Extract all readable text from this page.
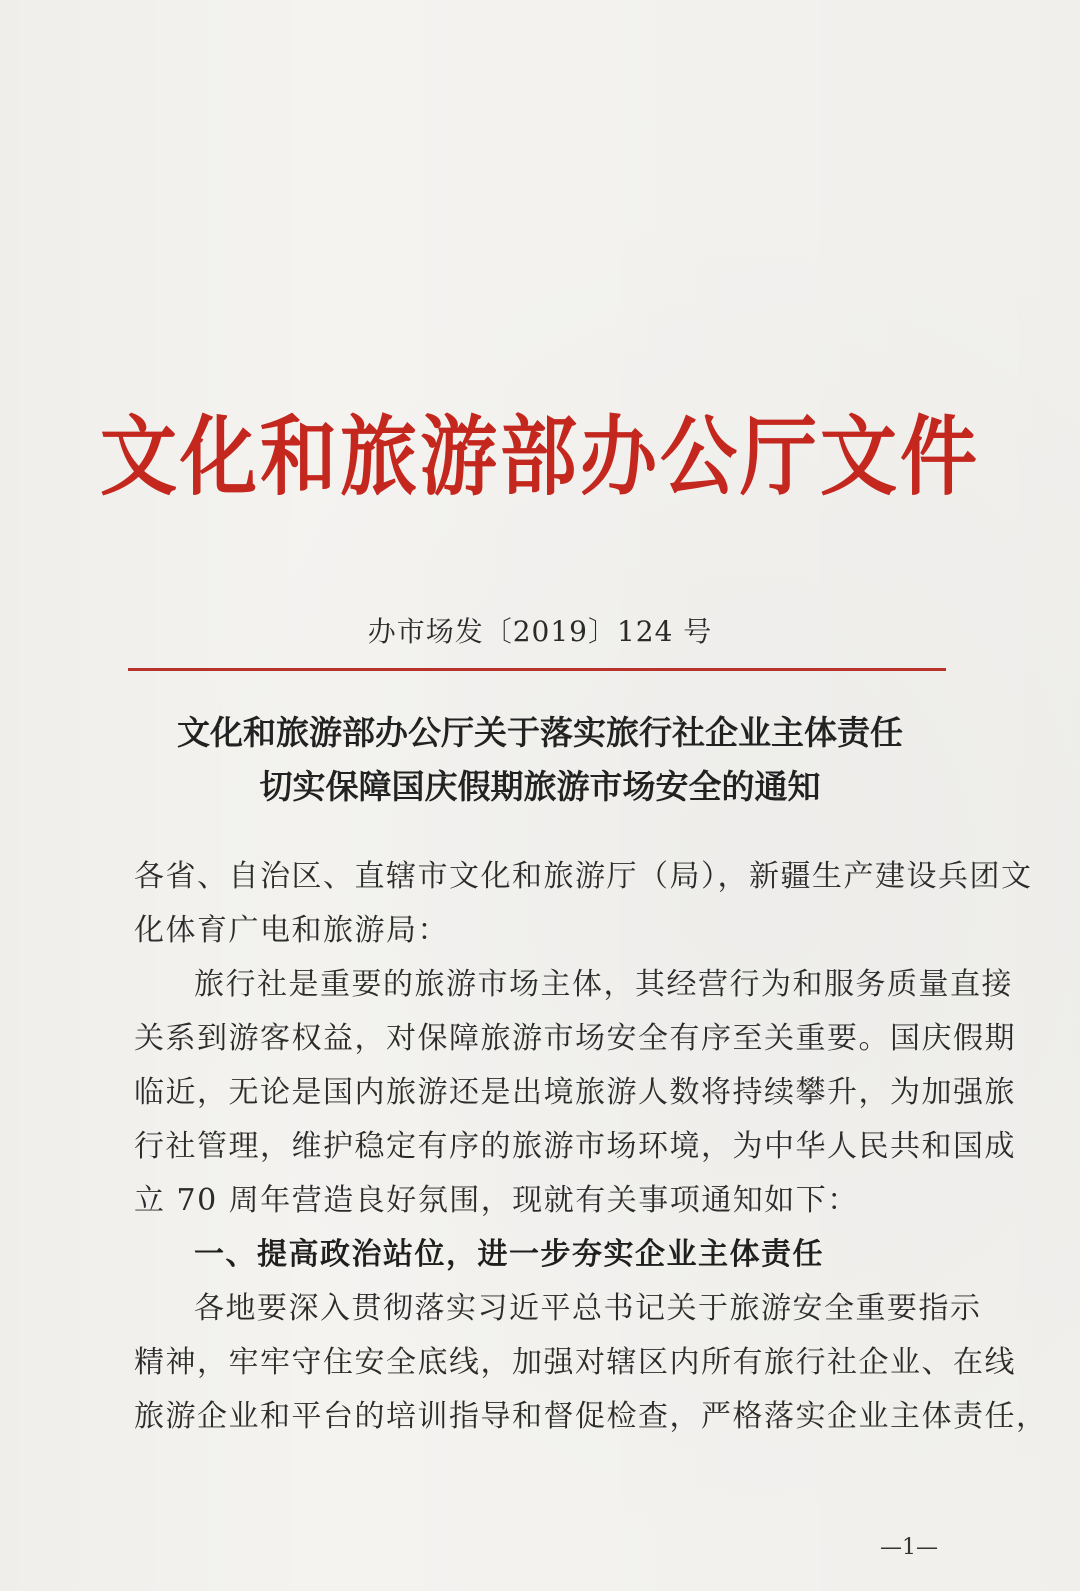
文化和旅游部办公厅文件
办市场发〔2019〕124 号
文化和旅游部办公厅关于落实旅行社企业主体责任
切实保障国庆假期旅游市场安全的通知
各省、自治区、直辖市文化和旅游厅（局），新疆生产建设兵团文
化体育广电和旅游局：
旅行社是重要的旅游市场主体，其经营行为和服务质量直接
关系到游客权益，对保障旅游市场安全有序至关重要。国庆假期
临近，无论是国内旅游还是出境旅游人数将持续攀升，为加强旅
行社管理，维护稳定有序的旅游市场环境，为中华人民共和国成
立 70 周年营造良好氛围，现就有关事项通知如下：
一、提高政治站位，进一步夯实企业主体责任
各地要深入贯彻落实习近平总书记关于旅游安全重要指示
精神，牢牢守住安全底线，加强对辖区内所有旅行社企业、在线
旅游企业和平台的培训指导和督促检查，严格落实企业主体责任，
—1—
